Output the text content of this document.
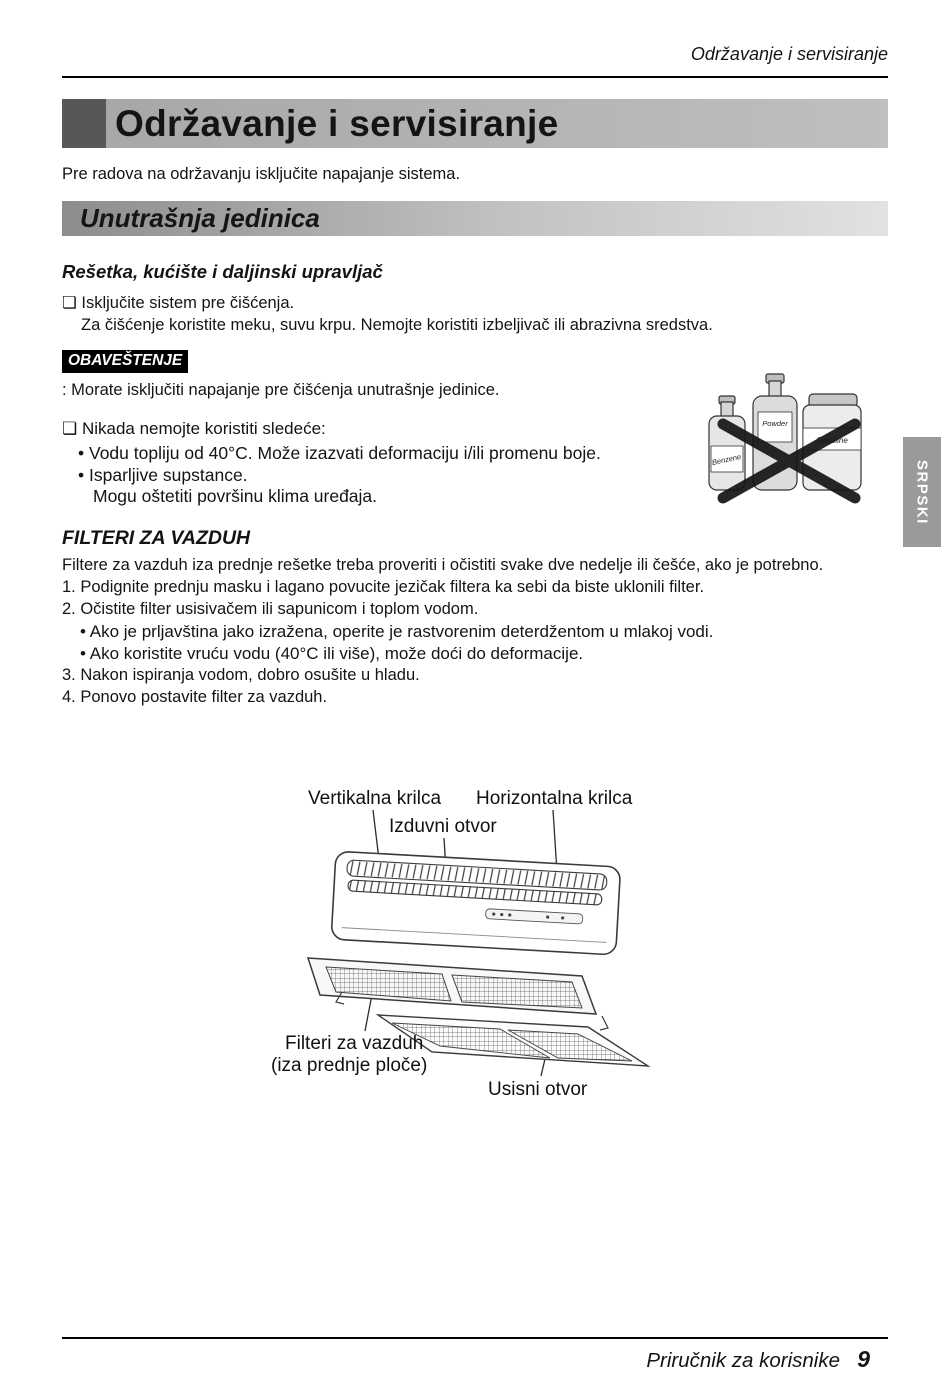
Održavanje i servisiranje
Održavanje i servisiranje
Pre radova na održavanju isključite napajanje sistema.
Unutrašnja jedinica
Rešetka, kućište i daljinski upravljač
❏ Isključite sistem pre čišćenja.
Za čišćenje koristite meku, suvu krpu. Nemojte koristiti izbeljivač ili abrazivna sredstva.
OBAVEŠTENJE
: Morate isključiti napajanje pre čišćenja unutrašnje jedinice.
❏ Nikada nemojte koristiti sledeće:
• Vodu topliju od 40°C. Može izazvati deformaciju i/ili promenu boje.
• Isparljive supstance.
Mogu oštetiti površinu klima uređaja.
Benzene
Powder
Gasoline
SRPSKI
FILTERI ZA VAZDUH
Filtere za vazduh iza prednje rešetke treba proveriti i očistiti svake dve nedelje ili češće, ako je potrebno.
1. Podignite prednju masku i lagano povucite jezičak filtera ka sebi da biste uklonili filter.
2. Očistite filter usisivačem ili sapunicom i toplom vodom.
• Ako je prljavština jako izražena, operite je rastvorenim deterdžentom u mlakoj vodi.
• Ako koristite vruću vodu (40°C ili više), može doći do deformacije.
3. Nakon ispiranja vodom, dobro osušite u hladu.
4. Ponovo postavite filter za vazduh.
Vertikalna krilca Horizontalna krilca
Izduvni otvor
Filteri za vazduh
(iza prednje ploče)
Usisni otvor
Priručnik za korisnike 9
